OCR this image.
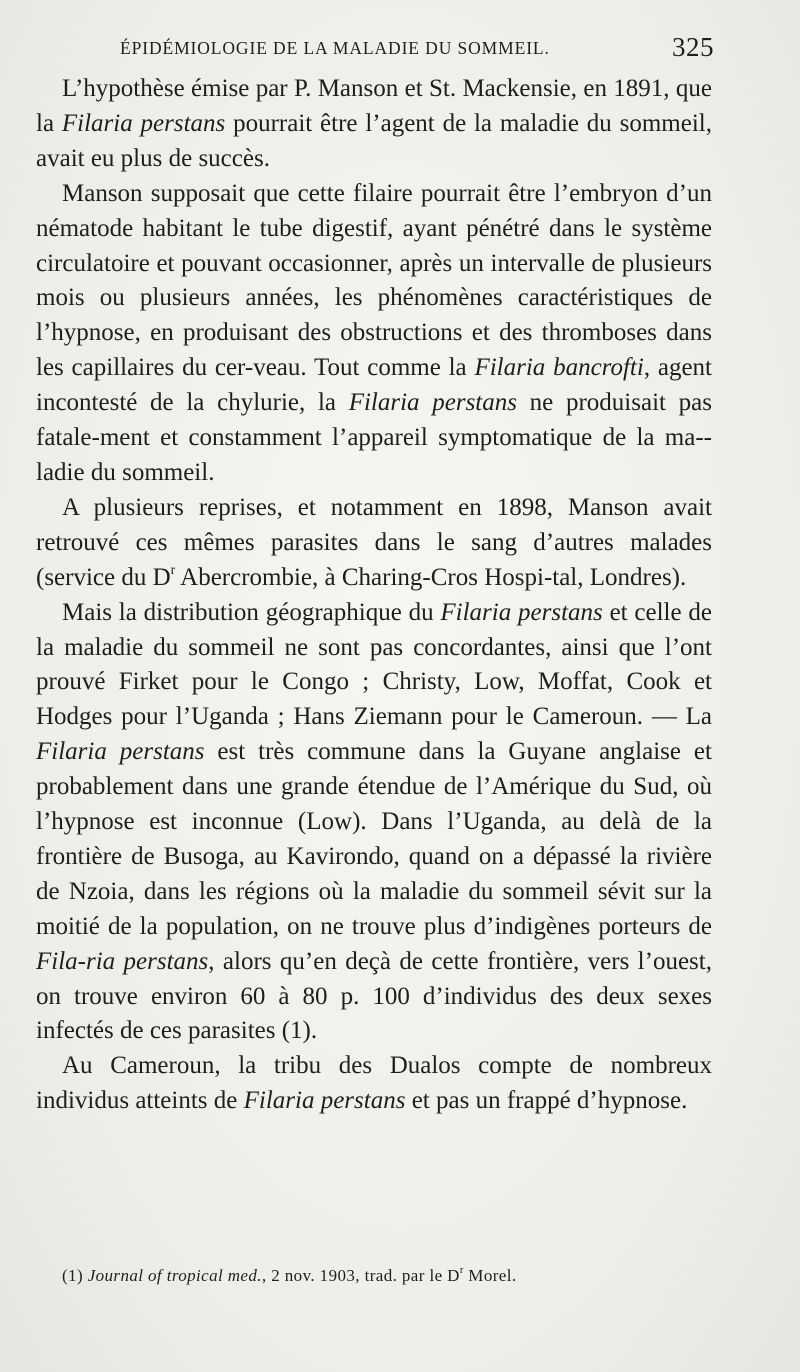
ÉPIDÉMIOLOGIE DE LA MALADIE DU SOMMEIL.	325

L’hypothèse émise par P. Manson et St. Mackensie, en 1891, que la Filaria perstans pourrait être l’agent de la maladie du sommeil, avait eu plus de succès.

Manson supposait que cette filaire pourrait être l’embryon d’un nématode habitant le tube digestif, ayant pénétré dans le système circulatoire et pouvant occasionner, après un intervalle de plusieurs mois ou plusieurs années, les phénomènes caractéristiques de l’hypnose, en produisant des obstructions et des thromboses dans les capillaires du cer-veau. Tout comme la Filaria bancrofti, agent incontesté de la chylurie, la Filaria perstans ne produisait pas fatale-ment et constamment l’appareil symptomatique de la ma-ladie du sommeil.

A plusieurs reprises, et notamment en 1898, Manson avait retrouvé ces mêmes parasites dans le sang d’autres malades (service du $D^r$ Abercrombie, à Charing-Cros Hospi-tal, Londres).

Mais la distribution géographique du Filaria perstans et celle de la maladie du sommeil ne sont pas concordantes, ainsi que l’ont prouvé Firket pour le Congo ; Christy, Low, Moffat, Cook et Hodges pour l’Uganda ; Hans Ziemann pour le Cameroun. — La Filaria perstans est très commune dans la Guyane anglaise et probablement dans une grande étendue de l’Amérique du Sud, où l’hypnose est inconnue (Low). Dans l’Uganda, au delà de la frontière de Busoga, au Kavirondo, quand on a dépassé la rivière de Nzoia, dans les régions où la maladie du sommeil sévit sur la moitié de la population, on ne trouve plus d’indigènes porteurs de Fila-ria perstans, alors qu’en deçà de cette frontière, vers l’ouest, on trouve environ 60 à 80 p. 100 d’individus des deux sexes infectés de ces parasites (1).

Au Cameroun, la tribu des Dualos compte de nombreux individus atteints de Filaria perstans et pas un frappé d’hypnose.

(1) Journal of tropical med., 2 nov. 1903, trad. par le $D^r$ Morel.
